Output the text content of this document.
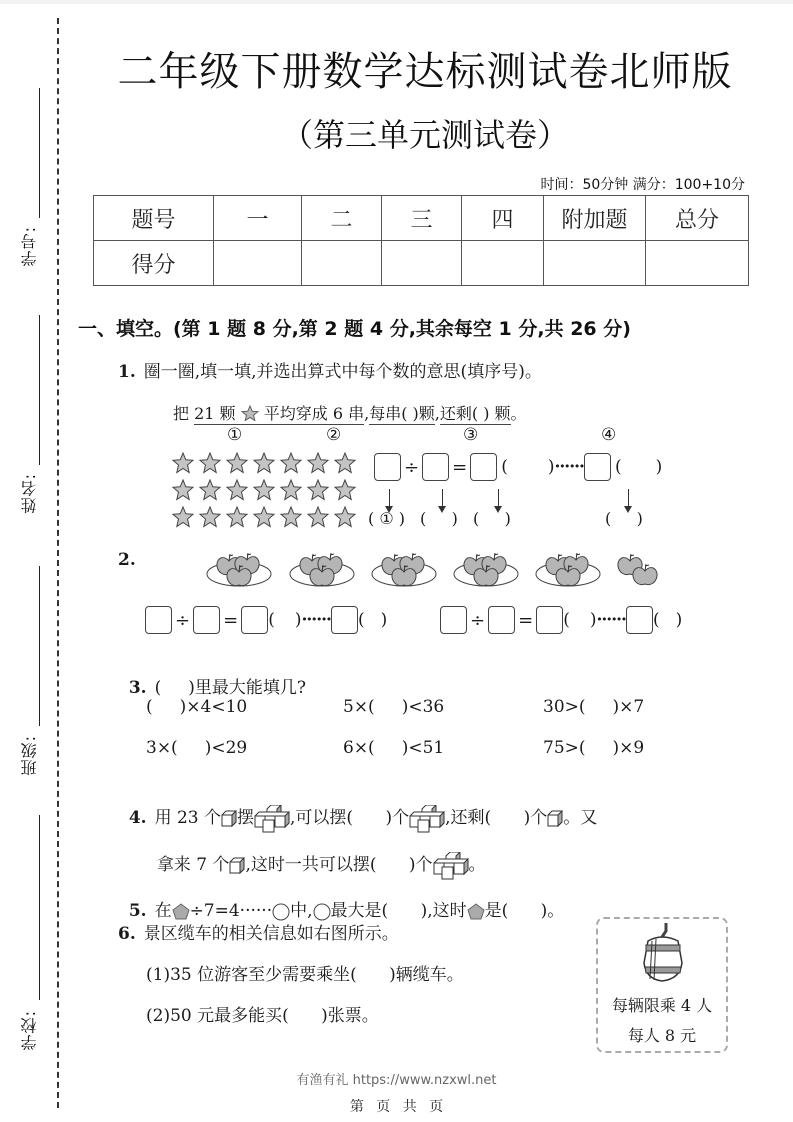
学号:
姓名:
班级:
学校:
二年级下册数学达标测试卷北师版
（第三单元测试卷）
时间：50分钟 满分：100+10分
题号	一	二	三	四	附加题	总分
得分						
一、填空。(第 1 题 8 分,第 2 题 4 分,其余每空 1 分,共 26 分)
1. 圈一圈,填一填,并选出算式中每个数的意思(填序号)。
把 21 颗 平均穿成 6 串,每串( )颗,还剩( ) 颗。
①	②	③	④
÷ = ( )······ ( )
( ① ) (     ) (     )	(     )
2.
÷ = ( )······ ( )	÷ = ( )······ ( )

3. (     )里最大能填几?

(     )×4<10	5×(     )<36	30>(     )×7
3×(     )<29	6×(     )<51	75>(     )×9

4. 用 23 个 摆 ,可以摆(      )个 ,还剩(      )个 。又

拿来 7 个 ,这时一共可以摆(      )个 。

5. 在 ÷7=4······ 中, 最大是(      ),这时 是(      )。

6. 景区缆车的相关信息如右图所示。
(1)35 位游客至少需要乘坐(      )辆缆车。
(2)50 元最多能买(      )张票。
每辆限乘 4 人
每人 8 元
有渔有礼 https://www.nzxwl.net
第 页 共 页
